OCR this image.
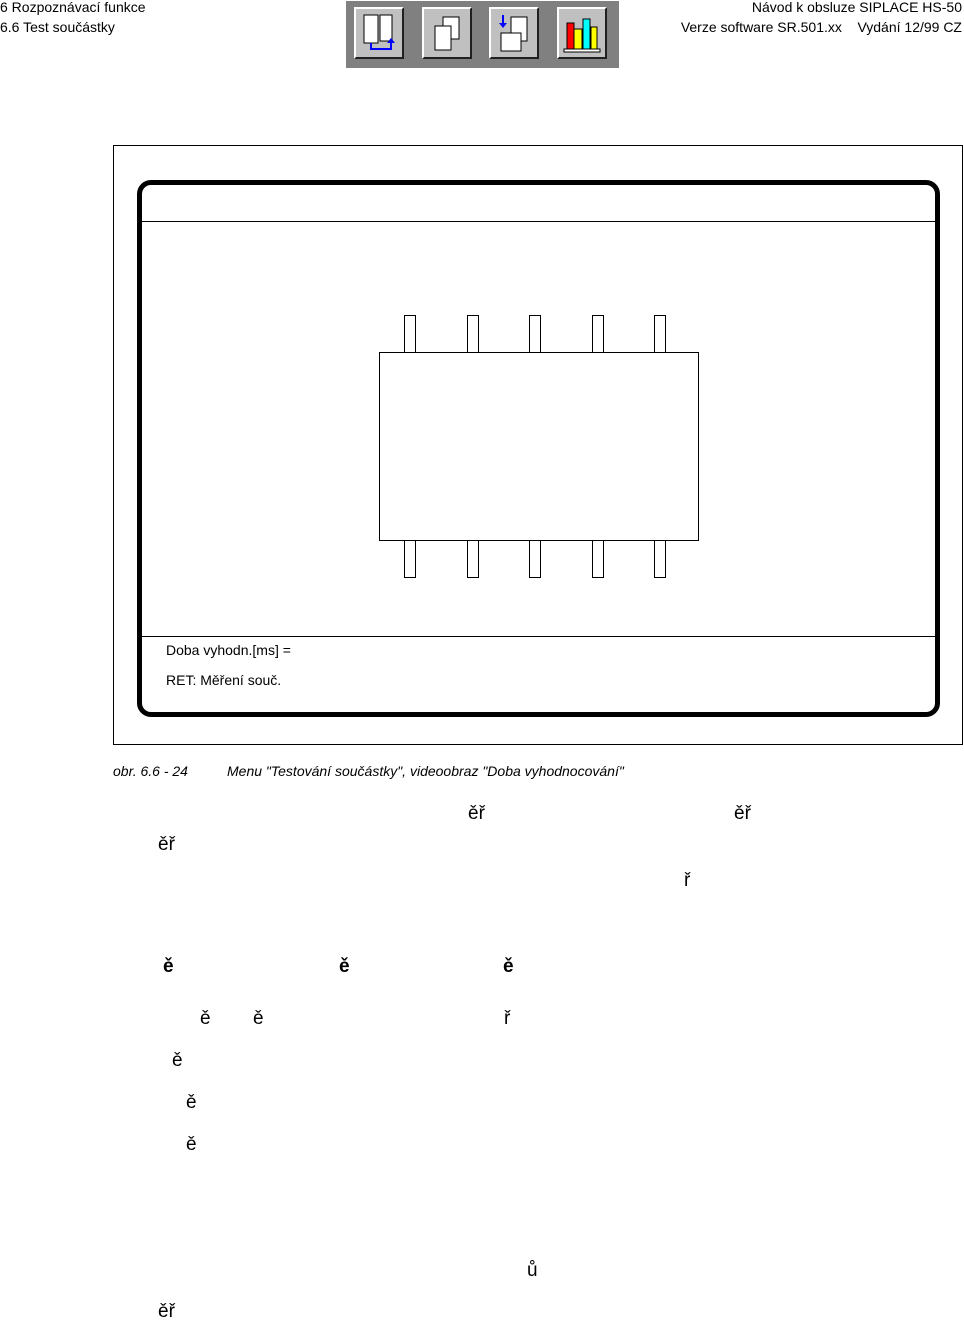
6 Rozpoznávací funkce
6.6 Test součástky
Návod k obsluze SIPLACE HS-50
Verze software SR.501.xx    Vydání 12/99 CZ
Doba vyhodn.[ms] =
RET: Měření souč.
obr. 6.6 - 24	Menu "Testování součástky", videoobraz "Doba vyhodnocování"
ěř	ěř
ěř
ř
ě	ě	ě
ě ě	ř
ě
ě
ě
ů
ěř
